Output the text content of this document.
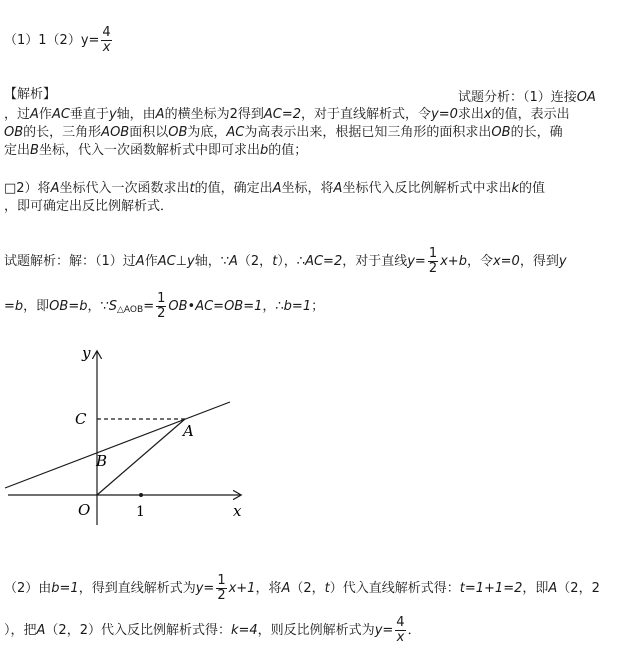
$(1)1(2)y= \frac{4}{x}$
【解析】	试题分析：（1）连接OA
，过A作AC垂直于y轴，由A的横坐标为2得到AC=2，对于直线解析式，令y=0求出x的值，表示出
OB的长，三角形AOB面积以OB为底，AC为高表示出来，根据已知三角形的面积求出OB的长，确
定出B坐标，代入一次函数解析式中即可求出b的值；
□2）将A坐标代入一次函数求出t的值，确定出A坐标，将A坐标代入反比例解析式中求出k的值
，即可确定出反比例解析式．
试题解析：解：（1）过A作AC⊥y轴，∵A（2，t），∴AC=2，对于直线$y= \frac{1}{2} x+b$，令x=0，得到y
=b，即OB=b，$\because S_{\triangle AOB}= \frac{1}{2}$ OB•AC=OB=1，∴b=1；
y
x
C
A
B
O	1
（2）由b=1，得到直线解析式为$y= \frac{1}{2} x+1$，将A（2，t）代入直线解析式得：t=1+1=2，即A（2，2
），把A（2，2）代入反比例解析式得：k=4，则反比例解析式为$y= \frac{4}{x}$ ．
